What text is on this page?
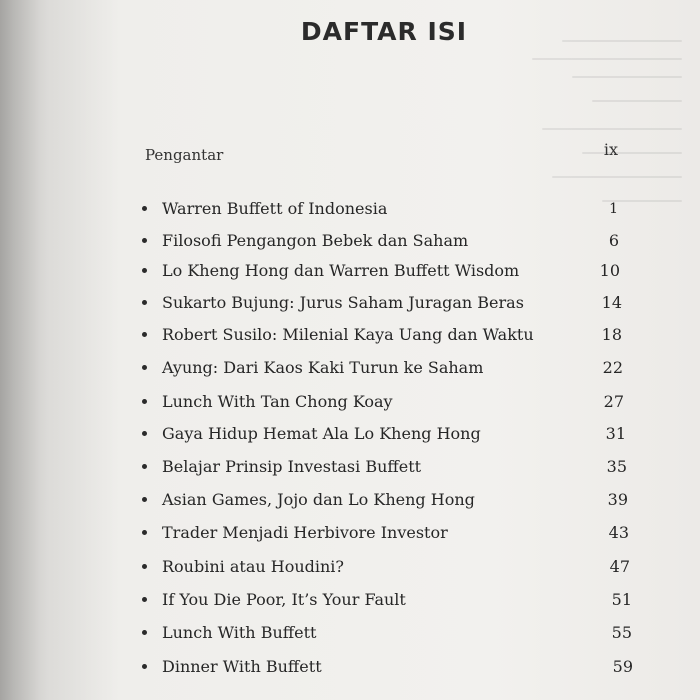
DAFTAR ISI
Pengantar	ix
Warren Buffett of Indonesia	1
Filosofi Pengangon Bebek dan Saham	6
Lo Kheng Hong dan Warren Buffett Wisdom	10
Sukarto Bujung: Jurus Saham Juragan Beras	14
Robert Susilo: Milenial Kaya Uang dan Waktu	18
Ayung: Dari Kaos Kaki Turun ke Saham	22
Lunch With Tan Chong Koay	27
Gaya Hidup Hemat Ala Lo Kheng Hong	31
Belajar Prinsip Investasi Buffett	35
Asian Games, Jojo dan Lo Kheng Hong	39
Trader Menjadi Herbivore Investor	43
Roubini atau Houdini?	47
If You Die Poor, It’s Your Fault	51
Lunch With Buffett	55
Dinner With Buffett	59
